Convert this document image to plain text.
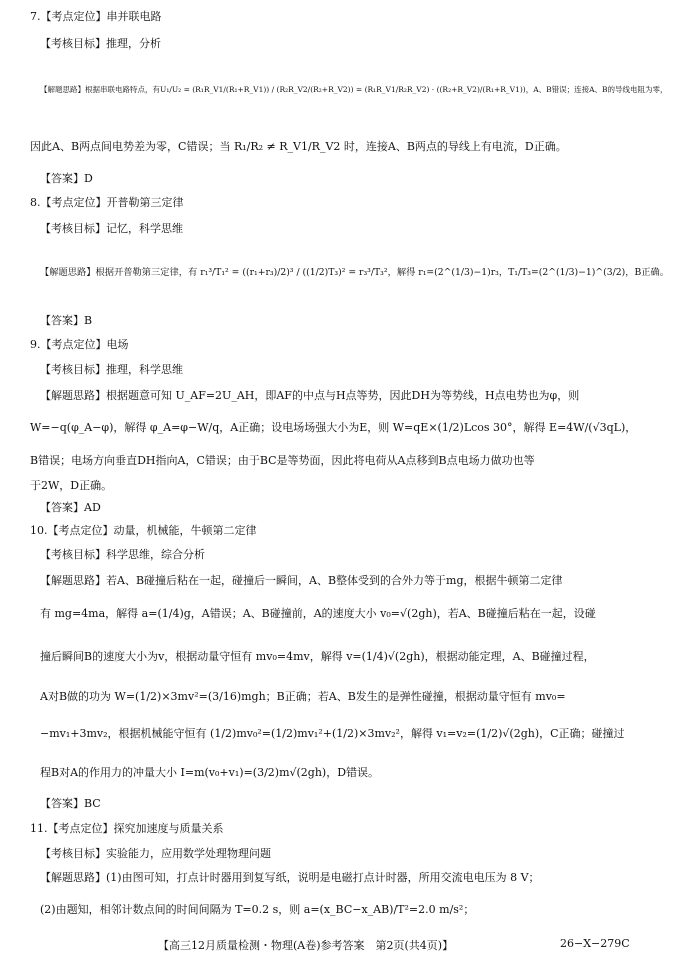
7.【考点定位】串并联电路
【考核目标】推理，分析
【解题思路】根据串联电路特点，有U₁/U₂ = (R₁R_V1/(R₁+R_V1)) / (R₂R_V2/(R₂+R_V2)) = (R₁R_V1/R₂R_V2) · ((R₂+R_V2)/(R₁+R_V1))，A、B错误；连接A、B的导线电阻为零，
因此A、B两点间电势差为零，C错误；当 R₁/R₂ ≠ R_V1/R_V2 时，连接A、B两点的导线上有电流，D正确。
【答案】D
8.【考点定位】开普勒第三定律
【考核目标】记忆，科学思维
【解题思路】根据开普勒第三定律，有 r₁³/T₁² = ((r₁+r₃)/2)³ / ((1/2)T₃)² = r₃³/T₃²，解得 r₁=(2^(1/3)−1)r₃，T₁/T₃=(2^(1/3)−1)^(3/2)，B正确。
【答案】B
9.【考点定位】电场
【考核目标】推理，科学思维
【解题思路】根据题意可知 U_AF=2U_AH，即AF的中点与H点等势，因此DH为等势线，H点电势也为φ，则
W=−q(φ_A−φ)，解得 φ_A=φ−W/q，A正确；设电场场强大小为E，则 W=qE×(1/2)Lcos 30°，解得 E=4W/(√3qL)，
B错误；电场方向垂直DH指向A，C错误；由于BC是等势面，因此将电荷从A点移到B点电场力做功也等
于2W，D正确。
【答案】AD
10.【考点定位】动量，机械能，牛顿第二定律
【考核目标】科学思维，综合分析
【解题思路】若A、B碰撞后粘在一起，碰撞后一瞬间，A、B整体受到的合外力等于mg，根据牛顿第二定律
有 mg=4ma，解得 a=(1/4)g，A错误；A、B碰撞前，A的速度大小 v₀=√(2gh)，若A、B碰撞后粘在一起，设碰
撞后瞬间B的速度大小为v，根据动量守恒有 mv₀=4mv，解得 v=(1/4)√(2gh)，根据动能定理，A、B碰撞过程，
A对B做的功为 W=(1/2)×3mv²=(3/16)mgh；B正确；若A、B发生的是弹性碰撞，根据动量守恒有 mv₀=
−mv₁+3mv₂，根据机械能守恒有 (1/2)mv₀²=(1/2)mv₁²+(1/2)×3mv₂²，解得 v₁=v₂=(1/2)√(2gh)，C正确；碰撞过
程B对A的作用力的冲量大小 I=m(v₀+v₁)=(3/2)m√(2gh)，D错误。
【答案】BC
11.【考点定位】探究加速度与质量关系
【考核目标】实验能力，应用数学处理物理问题
【解题思路】(1)由图可知，打点计时器用到复写纸，说明是电磁打点计时器，所用交流电电压为 8 V；
(2)由题知，相邻计数点间的时间间隔为 T=0.2 s，则 a=(x_BC−x_AB)/T²=2.0 m/s²；
【高三12月质量检测・物理(A卷)参考答案　第2页(共4页)】	26−X−279C
